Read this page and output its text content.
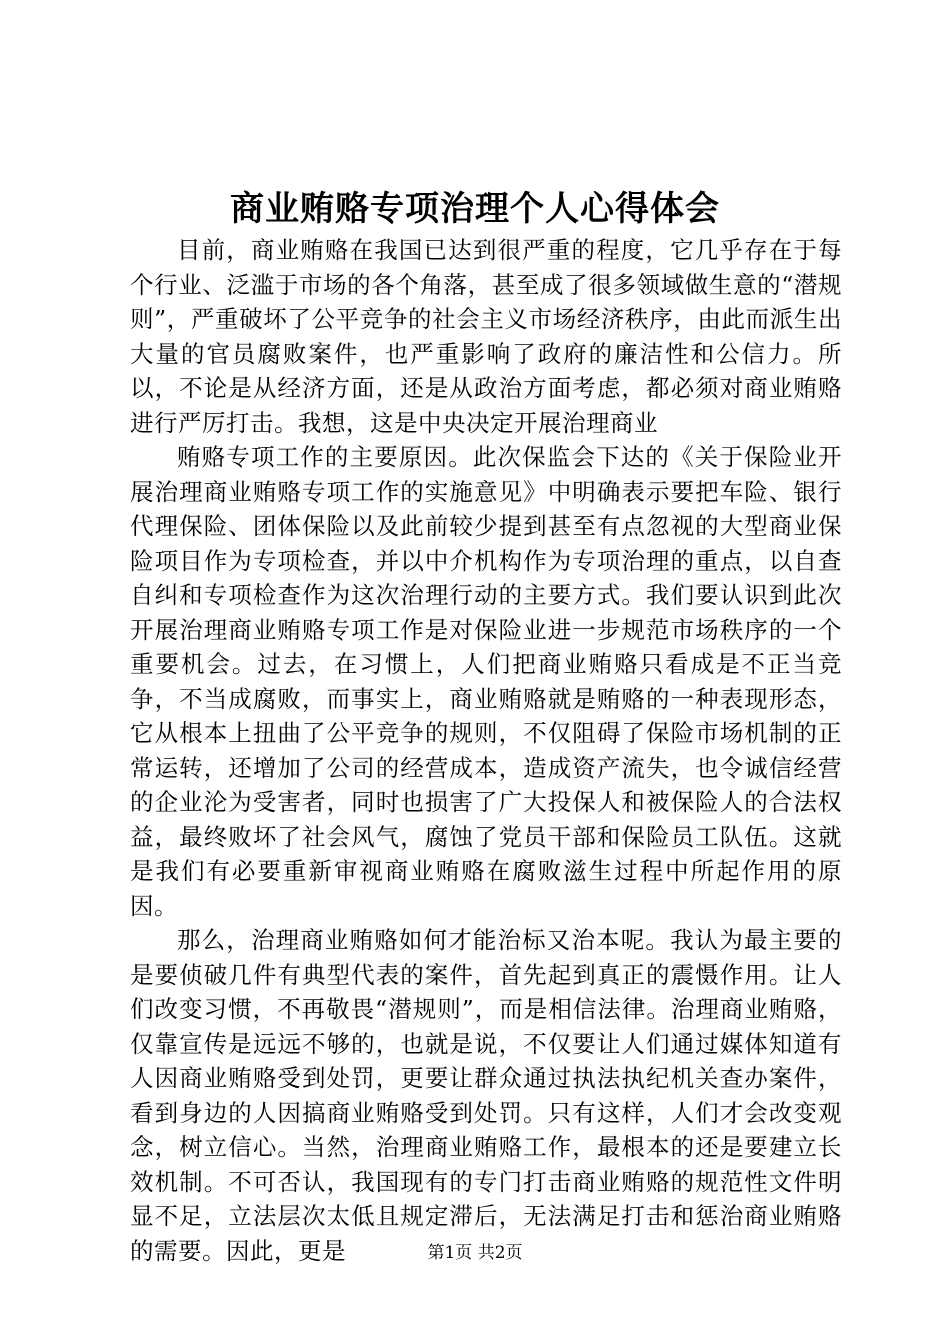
商业贿赂专项治理个人心得体会

目前，商业贿赂在我国已达到很严重的程度，它几乎存在于每个行业、泛滥于市场的各个角落，甚至成了很多领域做生意的“潜规则”，严重破坏了公平竞争的社会主义市场经济秩序，由此而派生出大量的官员腐败案件，也严重影响了政府的廉洁性和公信力。所以，不论是从经济方面，还是从政治方面考虑，都必须对商业贿赂进行严厉打击。我想，这是中央决定开展治理商业

贿赂专项工作的主要原因。此次保监会下达的《关于保险业开展治理商业贿赂专项工作的实施意见》中明确表示要把车险、银行代理保险、团体保险以及此前较少提到甚至有点忽视的大型商业保险项目作为专项检查，并以中介机构作为专项治理的重点，以自查自纠和专项检查作为这次治理行动的主要方式。我们要认识到此次开展治理商业贿赂专项工作是对保险业进一步规范市场秩序的一个重要机会。过去，在习惯上，人们把商业贿赂只看成是不正当竞争，不当成腐败，而事实上，商业贿赂就是贿赂的一种表现形态，它从根本上扭曲了公平竞争的规则，不仅阻碍了保险市场机制的正常运转，还增加了公司的经营成本，造成资产流失，也令诚信经营的企业沦为受害者，同时也损害了广大投保人和被保险人的合法权益，最终败坏了社会风气，腐蚀了党员干部和保险员工队伍。这就是我们有必要重新审视商业贿赂在腐败滋生过程中所起作用的原因。

那么，治理商业贿赂如何才能治标又治本呢。我认为最主要的是要侦破几件有典型代表的案件，首先起到真正的震慑作用。让人们改变习惯，不再敬畏“潜规则”，而是相信法律。治理商业贿赂，仅靠宣传是远远不够的，也就是说，不仅要让人们通过媒体知道有人因商业贿赂受到处罚，更要让群众通过执法执纪机关查办案件，看到身边的人因搞商业贿赂受到处罚。只有这样，人们才会改变观念，树立信心。当然，治理商业贿赂工作，最根本的还是要建立长效机制。不可否认，我国现有的专门打击商业贿赂的规范性文件明显不足，立法层次太低且规定滞后，无法满足打击和惩治商业贿赂的需要。因此，更是	第1页 共2页
